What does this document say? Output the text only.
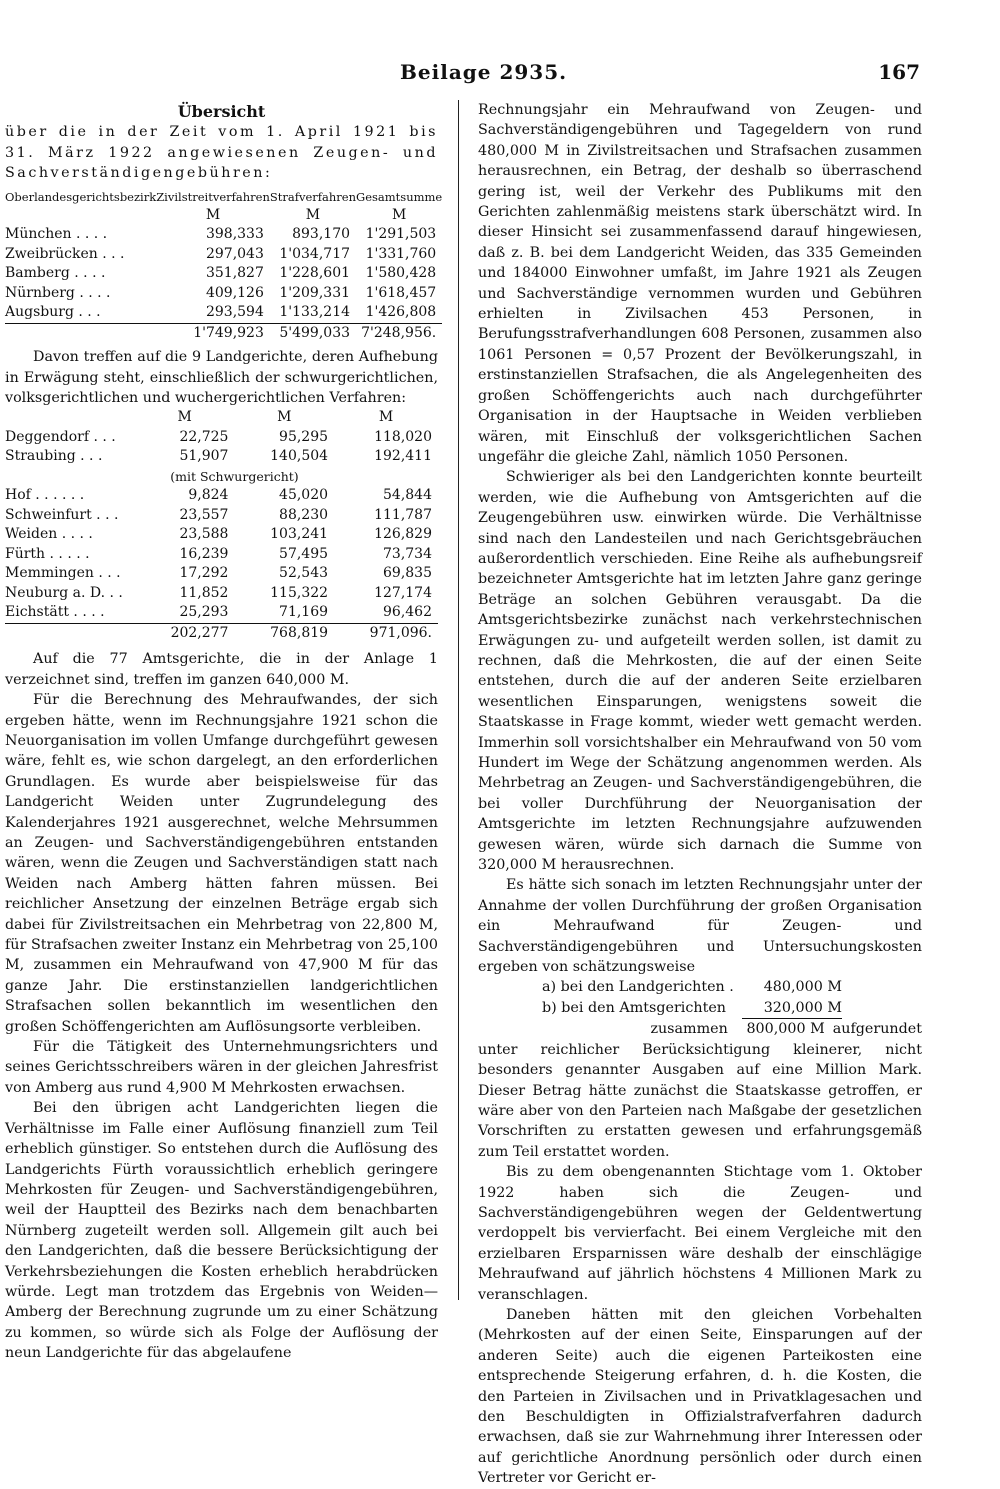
Beilage 2935.	167
Übersicht

über die in der Zeit vom 1. April 1921 bis 31. März 1922 angewiesenen Zeugen- und Sachverständigengebühren:

Oberlandesgerichtsbezirk	Zivilstreitverfahren	Strafverfahren	Gesamtsumme
	M	M	M
München . . . .	398,333	893,170	1'291,503
Zweibrücken . . .	297,043	1'034,717	1'331,760
Bamberg . . . .	351,827	1'228,601	1'580,428
Nürnberg . . . .	409,126	1'209,331	1'618,457
Augsburg . . .	293,594	1'133,214	1'426,808
	1'749,923	5'499,033	7'248,956.

Davon treffen auf die 9 Landgerichte, deren Aufhebung in Erwägung steht, einschließlich der schwurgerichtlichen, volksgerichtlichen und wuchergerichtlichen Verfahren:

	M	M	M
Deggendorf . . .	22,725	95,295	118,020
Straubing . . .	51,907	140,504	192,411
	(mit Schwurgericht)		
Hof . . . . . .	9,824	45,020	54,844
Schweinfurt . . .	23,557	88,230	111,787
Weiden . . . .	23,588	103,241	126,829
Fürth . . . . .	16,239	57,495	73,734
Memmingen . . .	17,292	52,543	69,835
Neuburg a. D. . .	11,852	115,322	127,174
Eichstätt . . . .	25,293	71,169	96,462
	202,277	768,819	971,096.

Auf die 77 Amtsgerichte, die in der Anlage 1 verzeichnet sind, treffen im ganzen 640,000 M.

Für die Berechnung des Mehraufwandes, der sich ergeben hätte, wenn im Rechnungsjahre 1921 schon die Neuorganisation im vollen Umfange durchgeführt gewesen wäre, fehlt es, wie schon dargelegt, an den erforderlichen Grundlagen. Es wurde aber beispielsweise für das Landgericht Weiden unter Zugrundelegung des Kalenderjahres 1921 ausgerechnet, welche Mehrsummen an Zeugen- und Sachverständigengebühren entstanden wären, wenn die Zeugen und Sachverständigen statt nach Weiden nach Amberg hätten fahren müssen. Bei reichlicher Ansetzung der einzelnen Beträge ergab sich dabei für Zivilstreitsachen ein Mehrbetrag von 22,800 M, für Strafsachen zweiter Instanz ein Mehrbetrag von 25,100 M, zusammen ein Mehraufwand von 47,900 M für das ganze Jahr. Die erstinstanziellen landgerichtlichen Strafsachen sollen bekanntlich im wesentlichen den großen Schöffengerichten am Auflösungsorte verbleiben.

Für die Tätigkeit des Unternehmungsrichters und seines Gerichtsschreibers wären in der gleichen Jahresfrist von Amberg aus rund 4,900 M Mehrkosten erwachsen.

Bei den übrigen acht Landgerichten liegen die Verhältnisse im Falle einer Auflösung finanziell zum Teil erheblich günstiger. So entstehen durch die Auflösung des Landgerichts Fürth voraussichtlich erheblich geringere Mehrkosten für Zeugen- und Sachverständigengebühren, weil der Hauptteil des Bezirks nach dem benachbarten Nürnberg zugeteilt werden soll. Allgemein gilt auch bei den Landgerichten, daß die bessere Berücksichtigung der Verkehrsbeziehungen die Kosten erheblich herabdrücken würde. Legt man trotzdem das Ergebnis von Weiden—Amberg der Berechnung zugrunde um zu einer Schätzung zu kommen, so würde sich als Folge der Auflösung der neun Landgerichte für das abgelaufene

Rechnungsjahr ein Mehraufwand von Zeugen- und Sachverständigengebühren und Tagegeldern von rund 480,000 M in Zivilstreitsachen und Strafsachen zusammen herausrechnen, ein Betrag, der deshalb so überraschend gering ist, weil der Verkehr des Publikums mit den Gerichten zahlenmäßig meistens stark überschätzt wird. In dieser Hinsicht sei zusammenfassend darauf hingewiesen, daß z. B. bei dem Landgericht Weiden, das 335 Gemeinden und 184000 Einwohner umfaßt, im Jahre 1921 als Zeugen und Sachverständige vernommen wurden und Gebühren erhielten in Zivilsachen 453 Personen, in Berufungsstrafverhandlungen 608 Personen, zusammen also 1061 Personen = 0,57 Prozent der Bevölkerungszahl, in erstinstanziellen Strafsachen, die als Angelegenheiten des großen Schöffengerichts auch nach durchgeführter Organisation in der Hauptsache in Weiden verblieben wären, mit Einschluß der volksgerichtlichen Sachen ungefähr die gleiche Zahl, nämlich 1050 Personen.

Schwieriger als bei den Landgerichten konnte beurteilt werden, wie die Aufhebung von Amtsgerichten auf die Zeugengebühren usw. einwirken würde. Die Verhältnisse sind nach den Landesteilen und nach Gerichtsgebräuchen außerordentlich verschieden. Eine Reihe als aufhebungsreif bezeichneter Amtsgerichte hat im letzten Jahre ganz geringe Beträge an solchen Gebühren verausgabt. Da die Amtsgerichtsbezirke zunächst nach verkehrstechnischen Erwägungen zu- und aufgeteilt werden sollen, ist damit zu rechnen, daß die Mehrkosten, die auf der einen Seite entstehen, durch die auf der anderen Seite erzielbaren wesentlichen Einsparungen, wenigstens soweit die Staatskasse in Frage kommt, wieder wett gemacht werden. Immerhin soll vorsichtshalber ein Mehraufwand von 50 vom Hundert im Wege der Schätzung angenommen werden. Als Mehrbetrag an Zeugen- und Sachverständigengebühren, die bei voller Durchführung der Neuorganisation der Amtsgerichte im letzten Rechnungsjahre aufzuwenden gewesen wären, würde sich darnach die Summe von 320,000 M herausrechnen.

Es hätte sich sonach im letzten Rechnungsjahr unter der Annahme der vollen Durchführung der großen Organisation ein Mehraufwand für Zeugen- und Sachverständigengebühren und Untersuchungskosten ergeben von schätzungsweise

a) bei den Landgerichten .	480,000 M
b) bei den Amtsgerichten	320,000 M
zusammen	800,000 M aufgerundet

unter reichlicher Berücksichtigung kleinerer, nicht besonders genannter Ausgaben auf eine Million Mark. Dieser Betrag hätte zunächst die Staatskasse getroffen, er wäre aber von den Parteien nach Maßgabe der gesetzlichen Vorschriften zu erstatten gewesen und erfahrungsgemäß zum Teil erstattet worden.

Bis zu dem obengenannten Stichtage vom 1. Oktober 1922 haben sich die Zeugen- und Sachverständigengebühren wegen der Geldentwertung verdoppelt bis vervierfacht. Bei einem Vergleiche mit den erzielbaren Ersparnissen wäre deshalb der einschlägige Mehraufwand auf jährlich höchstens 4 Millionen Mark zu veranschlagen.

Daneben hätten mit den gleichen Vorbehalten (Mehrkosten auf der einen Seite, Einsparungen auf der anderen Seite) auch die eigenen Parteikosten eine entsprechende Steigerung erfahren, d. h. die Kosten, die den Parteien in Zivilsachen und in Privatklagesachen und den Beschuldigten in Offizialstrafverfahren dadurch erwachsen, daß sie zur Wahrnehmung ihrer Interessen oder auf gerichtliche Anordnung persönlich oder durch einen Vertreter vor Gericht er-
